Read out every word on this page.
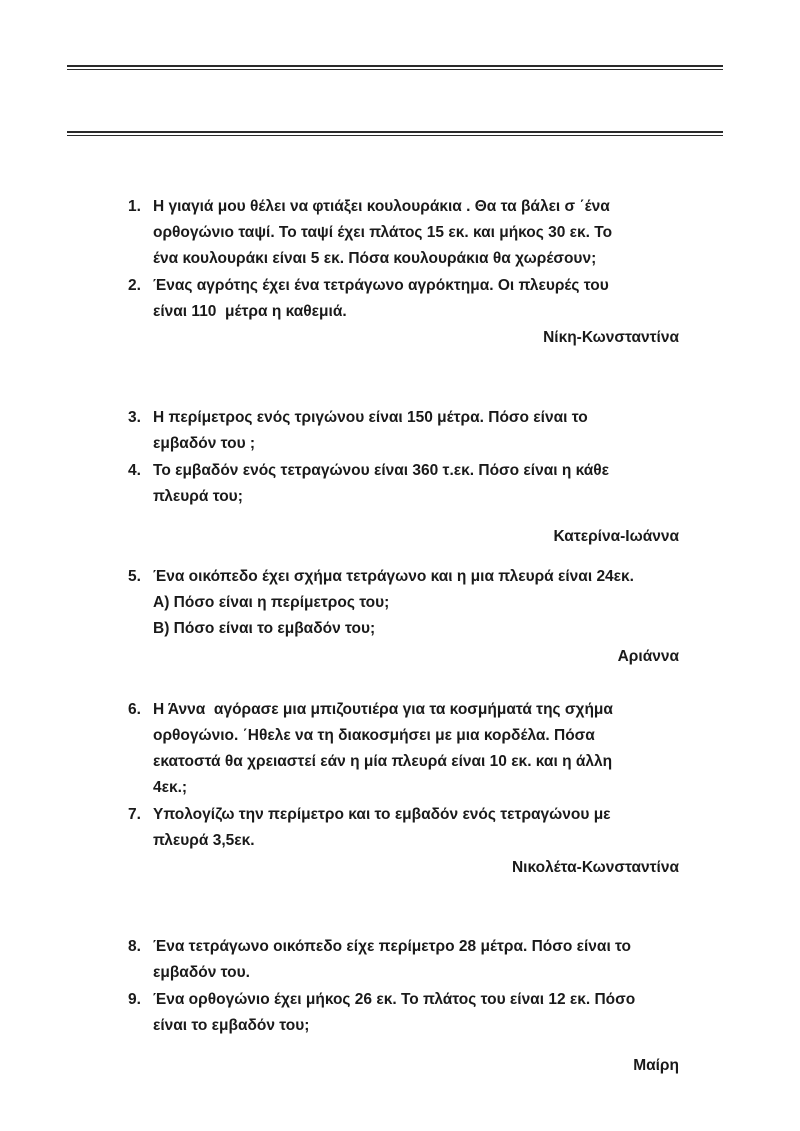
1. Η γιαγιά μου θέλει να φτιάξει κουλουράκια . Θα τα βάλει σ ΄ένα
ορθογώνιο ταψί. Το ταψί έχει πλάτος 15 εκ. και μήκος 30 εκ. Το
ένα κουλουράκι είναι 5 εκ. Πόσα κουλουράκια θα χωρέσουν;
2. Ένας αγρότης έχει ένα τετράγωνο αγρόκτημα. Οι πλευρές του
είναι 110  μέτρα η καθεμιά.
Νίκη-Κωνσταντίνα
3. Η περίμετρος ενός τριγώνου είναι 150 μέτρα. Πόσο είναι το
εμβαδόν του ;
4. Το εμβαδόν ενός τετραγώνου είναι 360 τ.εκ. Πόσο είναι η κάθε
πλευρά του;
Κατερίνα-Ιωάννα
5. Ένα οικόπεδο έχει σχήμα τετράγωνο και η μια πλευρά είναι 24εκ.
Α) Πόσο είναι η περίμετρος του;
Β) Πόσο είναι το εμβαδόν του;
Αριάννα
6. Η Άννα  αγόρασε μια μπιζουτιέρα για τα κοσμήματά της σχήμα
ορθογώνιο. ΄Ηθελε να τη διακοσμήσει με μια κορδέλα. Πόσα
εκατοστά θα χρειαστεί εάν η μία πλευρά είναι 10 εκ. και η άλλη
4εκ.;
7. Υπολογίζω την περίμετρο και το εμβαδόν ενός τετραγώνου με
πλευρά 3,5εκ.
Νικολέτα-Κωνσταντίνα
8. Ένα τετράγωνο οικόπεδο είχε περίμετρο 28 μέτρα. Πόσο είναι το
εμβαδόν του.
9. Ένα ορθογώνιο έχει μήκος 26 εκ. Το πλάτος του είναι 12 εκ. Πόσο
είναι το εμβαδόν του;
Μαίρη
